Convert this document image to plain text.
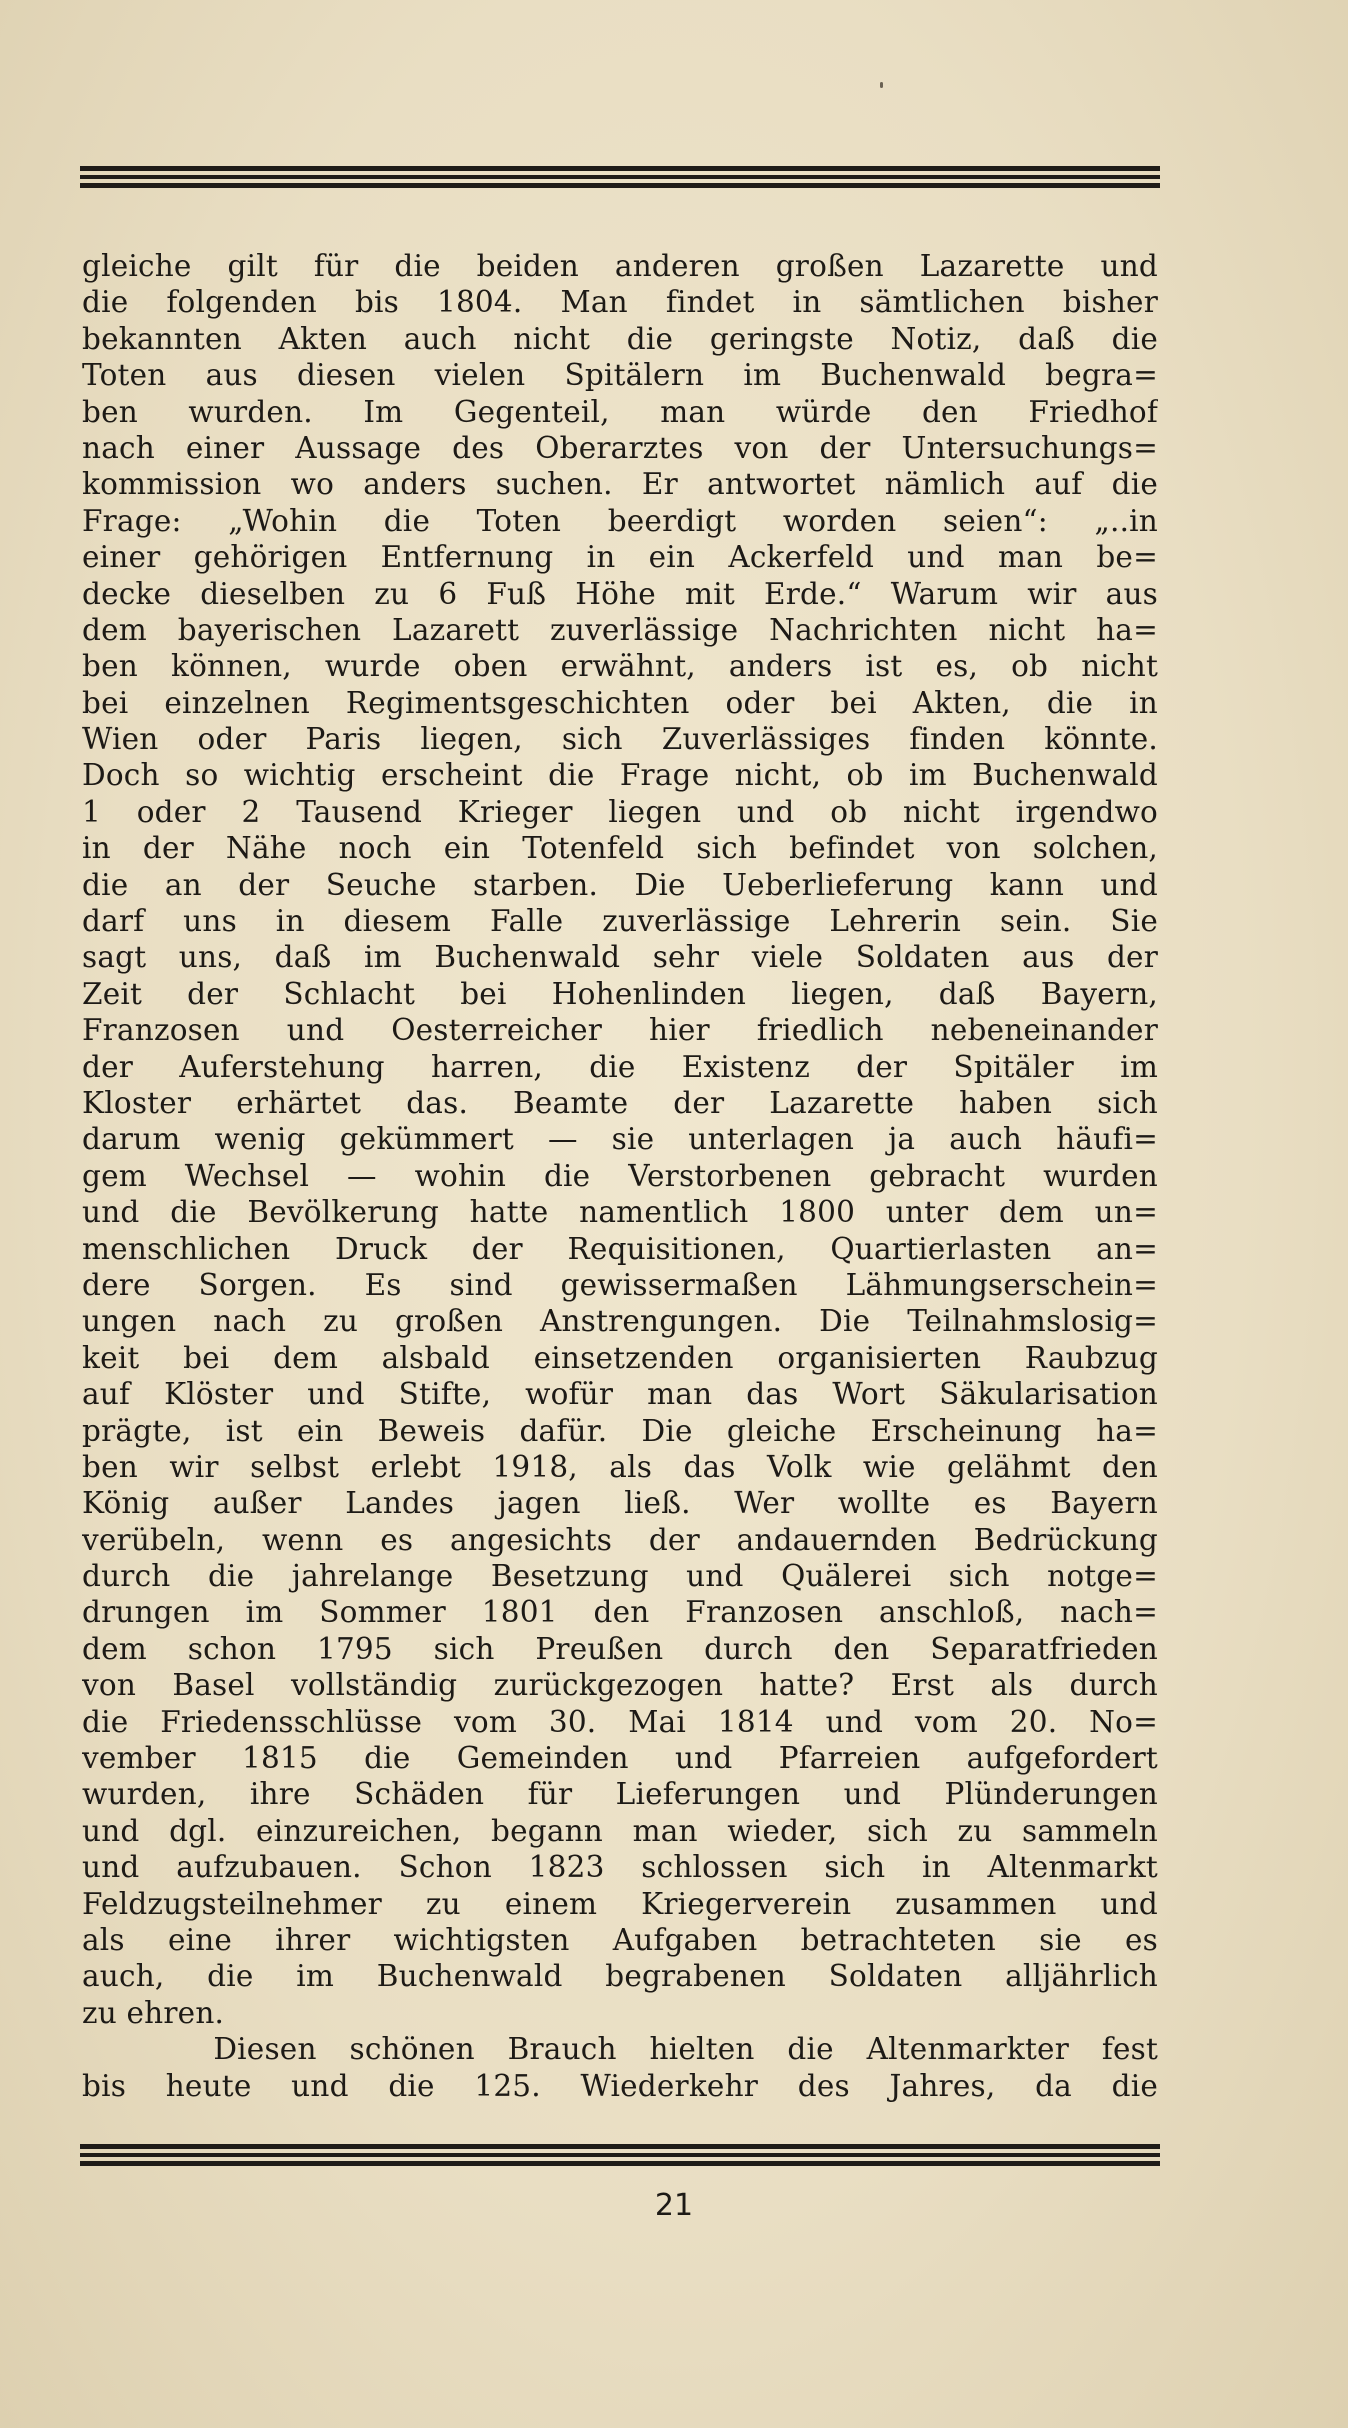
gleiche gilt für die beiden anderen großen Lazarette und
die folgenden bis 1804. Man findet in sämtlichen bisher
bekannten Akten auch nicht die geringste Notiz, daß die
Toten aus diesen vielen Spitälern im Buchenwald begra=
ben wurden. Im Gegenteil, man würde den Friedhof
nach einer Aussage des Oberarztes von der Untersuchungs=
kommission wo anders suchen. Er antwortet nämlich auf die
Frage: „Wohin die Toten beerdigt worden seien“: „..in
einer gehörigen Entfernung in ein Ackerfeld und man be=
decke dieselben zu 6 Fuß Höhe mit Erde.“ Warum wir aus
dem bayerischen Lazarett zuverlässige Nachrichten nicht ha=
ben können, wurde oben erwähnt, anders ist es, ob nicht
bei einzelnen Regimentsgeschichten oder bei Akten, die in
Wien oder Paris liegen, sich Zuverlässiges finden könnte.
Doch so wichtig erscheint die Frage nicht, ob im Buchenwald
1 oder 2 Tausend Krieger liegen und ob nicht irgendwo
in der Nähe noch ein Totenfeld sich befindet von solchen,
die an der Seuche starben. Die Ueberlieferung kann und
darf uns in diesem Falle zuverlässige Lehrerin sein. Sie
sagt uns, daß im Buchenwald sehr viele Soldaten aus der
Zeit der Schlacht bei Hohenlinden liegen, daß Bayern,
Franzosen und Oesterreicher hier friedlich nebeneinander
der Auferstehung harren, die Existenz der Spitäler im
Kloster erhärtet das. Beamte der Lazarette haben sich
darum wenig gekümmert — sie unterlagen ja auch häufi=
gem Wechsel — wohin die Verstorbenen gebracht wurden
und die Bevölkerung hatte namentlich 1800 unter dem un=
menschlichen Druck der Requisitionen, Quartierlasten an=
dere Sorgen. Es sind gewissermaßen Lähmungserschein=
ungen nach zu großen Anstrengungen. Die Teilnahmslosig=
keit bei dem alsbald einsetzenden organisierten Raubzug
auf Klöster und Stifte, wofür man das Wort Säkularisation
prägte, ist ein Beweis dafür. Die gleiche Erscheinung ha=
ben wir selbst erlebt 1918, als das Volk wie gelähmt den
König außer Landes jagen ließ. Wer wollte es Bayern
verübeln, wenn es angesichts der andauernden Bedrückung
durch die jahrelange Besetzung und Quälerei sich notge=
drungen im Sommer 1801 den Franzosen anschloß, nach=
dem schon 1795 sich Preußen durch den Separatfrieden
von Basel vollständig zurückgezogen hatte? Erst als durch
die Friedensschlüsse vom 30. Mai 1814 und vom 20. No=
vember 1815 die Gemeinden und Pfarreien aufgefordert
wurden, ihre Schäden für Lieferungen und Plünderungen
und dgl. einzureichen, begann man wieder, sich zu sammeln
und aufzubauen. Schon 1823 schlossen sich in Altenmarkt
Feldzugsteilnehmer zu einem Kriegerverein zusammen und
als eine ihrer wichtigsten Aufgaben betrachteten sie es
auch, die im Buchenwald begrabenen Soldaten alljährlich
zu ehren.
Diesen schönen Brauch hielten die Altenmarkter fest
bis heute und die 125. Wiederkehr des Jahres, da die
21
